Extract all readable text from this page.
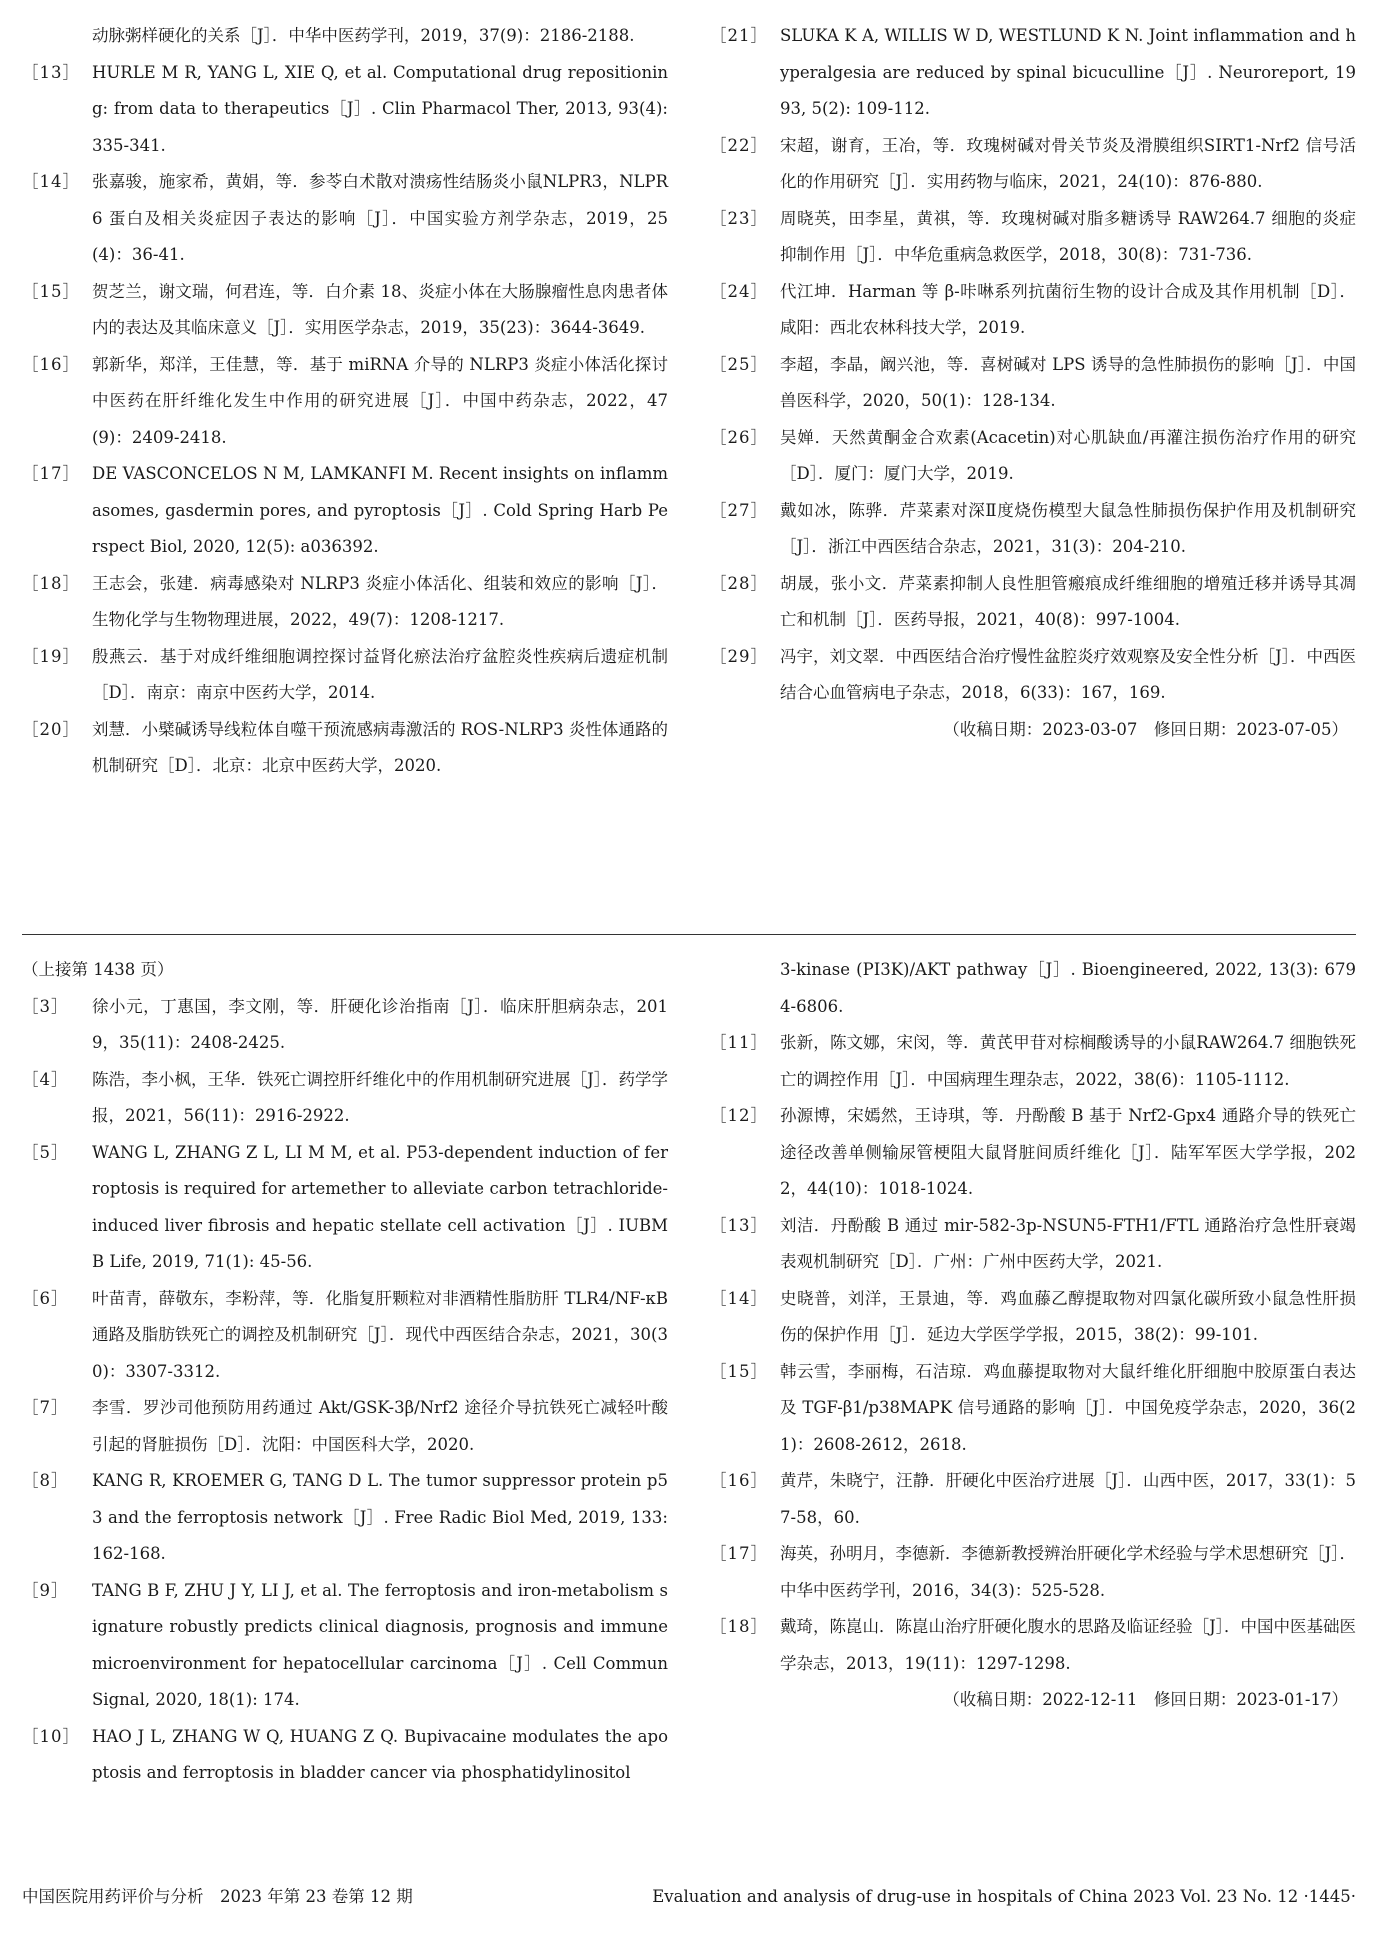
动脉粥样硬化的关系［J］．中华中医药学刊，2019，37(9)：2186-2188.
［13］ HURLE M R, YANG L, XIE Q, et al. Computational drug repositioning: from data to therapeutics［J］. Clin Pharmacol Ther, 2013, 93(4): 335-341.
［14］ 张嘉骏，施家希，黄娟，等．参苓白术散对溃疡性结肠炎小鼠NLPR3，NLPR6 蛋白及相关炎症因子表达的影响［J］．中国实验方剂学杂志，2019，25(4)：36-41.
［15］ 贺芝兰，谢文瑞，何君连，等．白介素 18、炎症小体在大肠腺瘤性息肉患者体内的表达及其临床意义［J］．实用医学杂志，2019，35(23)：3644-3649.
［16］ 郭新华，郑洋，王佳慧，等．基于 miRNA 介导的 NLRP3 炎症小体活化探讨中医药在肝纤维化发生中作用的研究进展［J］．中国中药杂志，2022，47(9)：2409-2418.
［17］ DE VASCONCELOS N M, LAMKANFI M. Recent insights on inflammasomes, gasdermin pores, and pyroptosis［J］. Cold Spring Harb Perspect Biol, 2020, 12(5): a036392.
［18］ 王志会，张建．病毒感染对 NLRP3 炎症小体活化、组装和效应的影响［J］．生物化学与生物物理进展，2022，49(7)：1208-1217.
［19］ 殷燕云．基于对成纤维细胞调控探讨益肾化瘀法治疗盆腔炎性疾病后遗症机制［D］．南京：南京中医药大学，2014.
［20］ 刘慧．小檗碱诱导线粒体自噬干预流感病毒激活的 ROS-NLRP3 炎性体通路的机制研究［D］．北京：北京中医药大学，2020.
［21］ SLUKA K A, WILLIS W D, WESTLUND K N. Joint inflammation and hyperalgesia are reduced by spinal bicuculline［J］. Neuroreport, 1993, 5(2): 109-112.
［22］ 宋超，谢育，王冶，等．玫瑰树碱对骨关节炎及滑膜组织SIRT1-Nrf2 信号活化的作用研究［J］．实用药物与临床，2021，24(10)：876-880.
［23］ 周晓英，田李星，黄祺，等．玫瑰树碱对脂多糖诱导 RAW264.7 细胞的炎症抑制作用［J］．中华危重病急救医学，2018，30(8)：731-736.
［24］ 代江坤．Harman 等 β-咔啉系列抗菌衍生物的设计合成及其作用机制［D］．咸阳：西北农林科技大学，2019.
［25］ 李超，李晶，阚兴池，等．喜树碱对 LPS 诱导的急性肺损伤的影响［J］．中国兽医科学，2020，50(1)：128-134.
［26］ 吴婵．天然黄酮金合欢素(Acacetin)对心肌缺血/再灌注损伤治疗作用的研究［D］．厦门：厦门大学，2019.
［27］ 戴如冰，陈骅．芹菜素对深Ⅱ度烧伤模型大鼠急性肺损伤保护作用及机制研究［J］．浙江中西医结合杂志，2021，31(3)：204-210.
［28］ 胡晟，张小文．芹菜素抑制人良性胆管瘢痕成纤维细胞的增殖迁移并诱导其凋亡和机制［J］．医药导报，2021，40(8)：997-1004.
［29］ 冯宇，刘文翠．中西医结合治疗慢性盆腔炎疗效观察及安全性分析［J］．中西医结合心血管病电子杂志，2018，6(33)：167，169.
（收稿日期：2023-03-07　修回日期：2023-07-05）
（上接第 1438 页）
［3］	徐小元，丁惠国，李文刚，等．肝硬化诊治指南［J］．临床肝胆病杂志，2019，35(11)：2408-2425.
［4］	陈浩，李小枫，王华．铁死亡调控肝纤维化中的作用机制研究进展［J］．药学学报，2021，56(11)：2916-2922.
［5］	WANG L, ZHANG Z L, LI M M, et al. P53-dependent induction of ferroptosis is required for artemether to alleviate carbon tetrachloride-induced liver fibrosis and hepatic stellate cell activation［J］. IUBMB Life, 2019, 71(1): 45-56.
［6］	叶苗青，薛敬东，李粉萍，等．化脂复肝颗粒对非酒精性脂肪肝 TLR4/NF-κB 通路及脂肪铁死亡的调控及机制研究［J］．现代中西医结合杂志，2021，30(30)：3307-3312.
［7］	李雪．罗沙司他预防用药通过 Akt/GSK-3β/Nrf2 途径介导抗铁死亡减轻叶酸引起的肾脏损伤［D］．沈阳：中国医科大学，2020.
［8］	KANG R, KROEMER G, TANG D L. The tumor suppressor protein p53 and the ferroptosis network［J］. Free Radic Biol Med, 2019, 133: 162-168.
［9］	TANG B F, ZHU J Y, LI J, et al. The ferroptosis and iron-metabolism signature robustly predicts clinical diagnosis, prognosis and immune microenvironment for hepatocellular carcinoma［J］. Cell Commun Signal, 2020, 18(1): 174.
［10］ HAO J L, ZHANG W Q, HUANG Z Q. Bupivacaine modulates the apoptosis and ferroptosis in bladder cancer via phosphatidylinositol
3-kinase (PI3K)/AKT pathway［J］. Bioengineered, 2022, 13(3): 6794-6806.
［11］ 张新，陈文娜，宋闵，等．黄芪甲苷对棕榈酸诱导的小鼠RAW264.7 细胞铁死亡的调控作用［J］．中国病理生理杂志，2022，38(6)：1105-1112.
［12］ 孙源博，宋嫣然，王诗琪，等．丹酚酸 B 基于 Nrf2-Gpx4 通路介导的铁死亡途径改善单侧输尿管梗阻大鼠肾脏间质纤维化［J］．陆军军医大学学报，2022，44(10)：1018-1024.
［13］ 刘洁．丹酚酸 B 通过 mir-582-3p-NSUN5-FTH1/FTL 通路治疗急性肝衰竭表观机制研究［D］．广州：广州中医药大学，2021.
［14］ 史晓普，刘洋，王景迪，等．鸡血藤乙醇提取物对四氯化碳所致小鼠急性肝损伤的保护作用［J］．延边大学医学学报，2015，38(2)：99-101.
［15］ 韩云雪，李丽梅，石洁琼．鸡血藤提取物对大鼠纤维化肝细胞中胶原蛋白表达及 TGF-β1/p38MAPK 信号通路的影响［J］．中国免疫学杂志，2020，36(21)：2608-2612，2618.
［16］ 黄芹，朱晓宁，汪静．肝硬化中医治疗进展［J］．山西中医，2017，33(1)：57-58，60.
［17］ 海英，孙明月，李德新．李德新教授辨治肝硬化学术经验与学术思想研究［J］．中华中医药学刊，2016，34(3)：525-528.
［18］ 戴琦，陈崑山．陈崑山治疗肝硬化腹水的思路及临证经验［J］．中国中医基础医学杂志，2013，19(11)：1297-1298.
（收稿日期：2022-12-11　修回日期：2023-01-17）
中国医院用药评价与分析　2023 年第 23 卷第 12 期	Evaluation and analysis of drug-use in hospitals of China 2023 Vol. 23 No. 12 ·1445·
